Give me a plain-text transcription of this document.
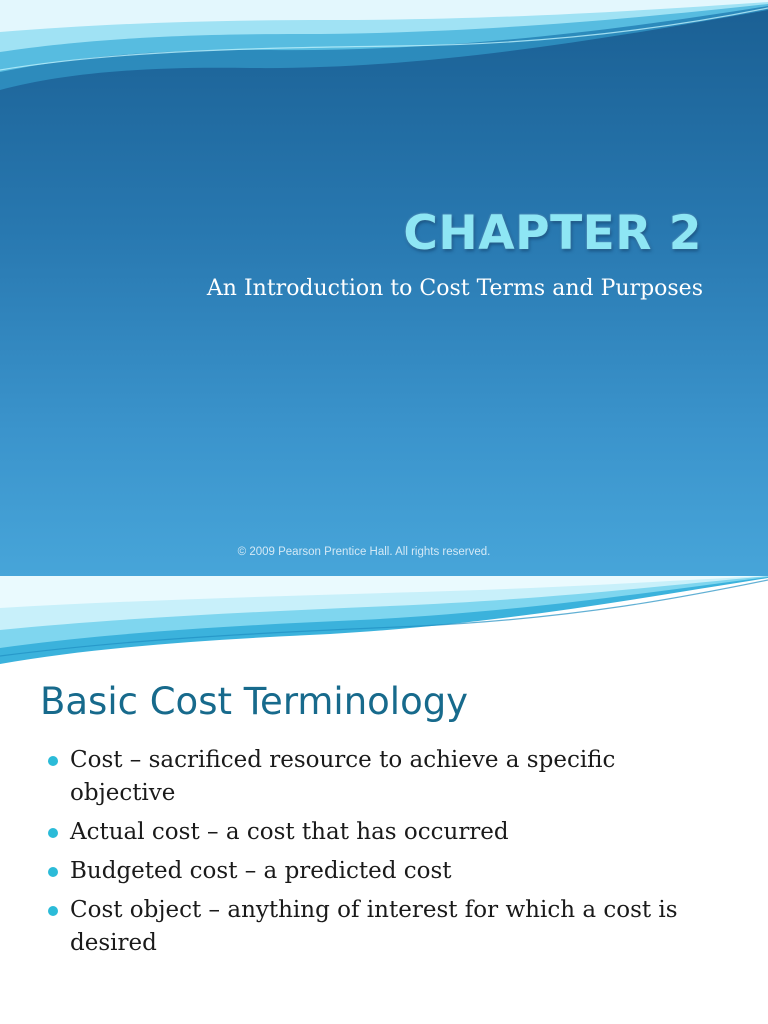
CHAPTER 2

An Introduction to Cost Terms and Purposes

© 2009 Pearson Prentice Hall. All rights reserved.
Basic Cost Terminology
Cost – sacrificed resource to achieve a specific objective
Actual cost – a cost that has occurred
Budgeted cost – a predicted cost
Cost object – anything of interest for which a cost is desired
